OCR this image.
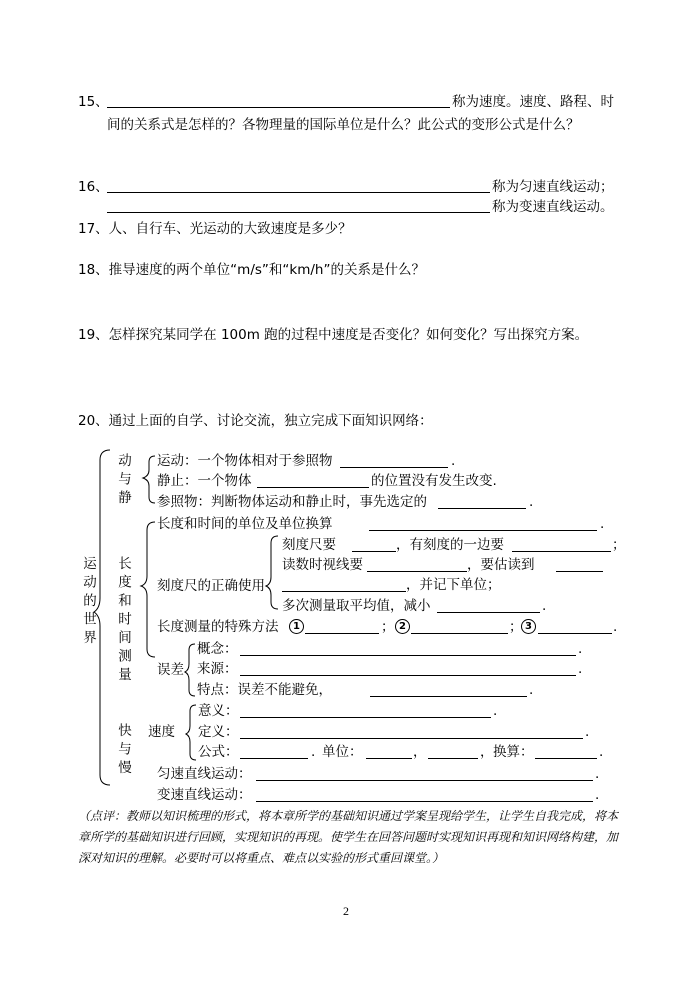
15、	称为速度。速度、路程、时
间的关系式是怎样的？各物理量的国际单位是什么？此公式的变形公式是什么？
16、	称为匀速直线运动；
称为变速直线运动。
17、人、自行车、光运动的大致速度是多少？
18、推导速度的两个单位“m/s”和“km/h”的关系是什么？
19、怎样探究某同学在 100m 跑的过程中速度是否变化？如何变化？写出探究方案。
20、通过上面的自学、讨论交流，独立完成下面知识网络：
运动的世界
动与静
长度和时间测量
快与慢
运动：一个物体相对于参照物	.
静止：一个物体	的位置没有发生改变.
参照物：判断物体运动和静止时，事先选定的	.
长度和时间的单位及单位换算	.
刻度尺的正确使用
刻度尺要	，有刻度的一边要	；
读数时视线要	，要估读到
，并记下单位；
多次测量取平均值，减小	.
长度测量的特殊方法	1	； 2	； 3	.
误差
概念：	.
来源：	.
特点：误差不能避免，	.
速度
意义：	.
定义：	.
公式：	. 单位：	，	， 换算：	.
匀速直线运动：	.
变速直线运动：	.
（点评：教师以知识梳理的形式，将本章所学的基础知识通过学案呈现给学生，让学生自我完成，将本章所学的基础知识进行回顾，实现知识的再现。使学生在回答问题时实现知识再现和知识网络构建，加深对知识的理解。必要时可以将重点、难点以实验的形式重回课堂。）
2
